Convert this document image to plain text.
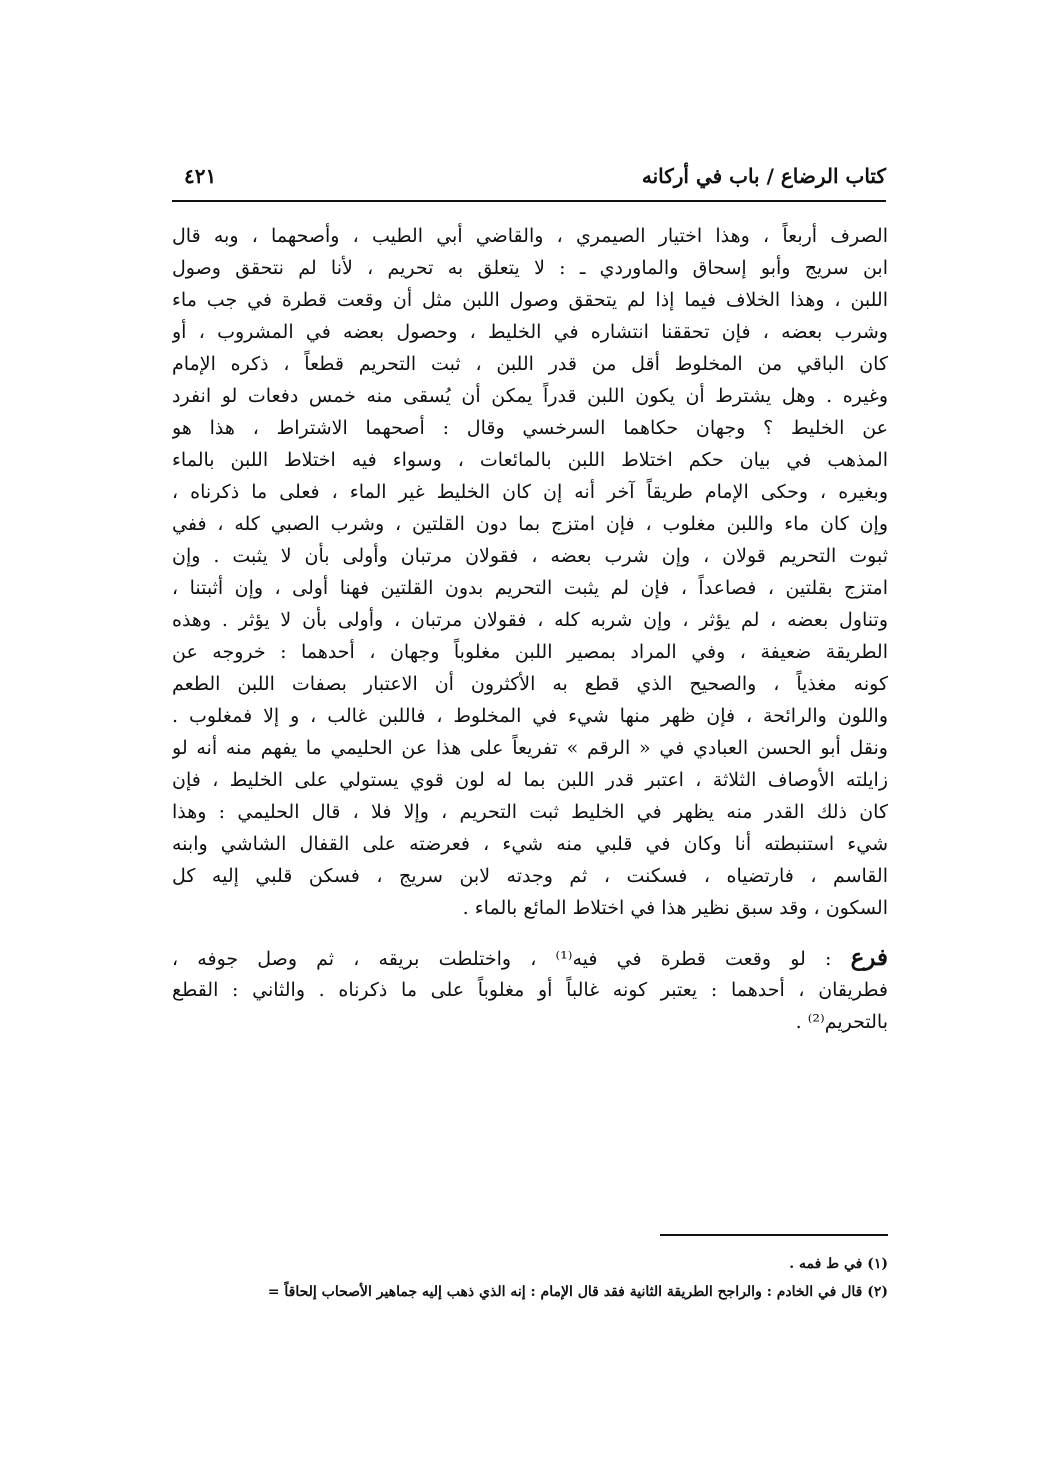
كتاب الرضاع / باب في أركانه
٤٢١
الصرف أربعاً ، وهذا اختيار الصيمري ، والقاضي أبي الطيب ، وأصحهما ، وبه قال
ابن سريج وأبو إسحاق والماوردي ـ : لا يتعلق به تحريم ، لأنا لم نتحقق وصول
اللبن ، وهذا الخلاف فيما إذا لم يتحقق وصول اللبن مثل أن وقعت قطرة في جب ماء
وشرب بعضه ، فإن تحققنا انتشاره في الخليط ، وحصول بعضه في المشروب ، أو
كان الباقي من المخلوط أقل من قدر اللبن ، ثبت التحريم قطعاً ، ذكره الإمام
وغيره . وهل يشترط أن يكون اللبن قدراً يمكن أن يُسقى منه خمس دفعات لو انفرد
عن الخليط ؟ وجهان حكاهما السرخسي وقال : أصحهما الاشتراط ، هذا هو
المذهب في بيان حكم اختلاط اللبن بالمائعات ، وسواء فيه اختلاط اللبن بالماء
وبغيره ، وحكى الإمام طريقاً آخر أنه إن كان الخليط غير الماء ، فعلى ما ذكرناه ،
وإن كان ماء واللبن مغلوب ، فإن امتزج بما دون القلتين ، وشرب الصبي كله ، ففي
ثبوت التحريم قولان ، وإن شرب بعضه ، فقولان مرتبان وأولى بأن لا يثبت . وإن
امتزج بقلتين ، فصاعداً ، فإن لم يثبت التحريم بدون القلتين فهنا أولى ، وإن أثبتنا ،
وتناول بعضه ، لم يؤثر ، وإن شربه كله ، فقولان مرتبان ، وأولى بأن لا يؤثر . وهذه
الطريقة ضعيفة ، وفي المراد بمصير اللبن مغلوباً وجهان ، أحدهما : خروجه عن
كونه مغذياً ، والصحيح الذي قطع به الأكثرون أن الاعتبار بصفات اللبن الطعم
واللون والرائحة ، فإن ظهر منها شيء في المخلوط ، فاللبن غالب ، و إلا فمغلوب .
ونقل أبو الحسن العبادي في « الرقم » تفريعاً على هذا عن الحليمي ما يفهم منه أنه لو
زايلته الأوصاف الثلاثة ، اعتبر قدر اللبن بما له لون قوي يستولي على الخليط ، فإن
كان ذلك القدر منه يظهر في الخليط ثبت التحريم ، وإلا فلا ، قال الحليمي : وهذا
شيء استنبطته أنا وكان في قلبي منه شيء ، فعرضته على القفال الشاشي وابنه
القاسم ، فارتضياه ، فسكنت ، ثم وجدته لابن سريج ، فسكن قلبي إليه كل
السكون ، وقد سبق نظير هذا في اختلاط المائع بالماء .
فرع : لو وقعت قطرة في فيه⁽¹⁾ ، واختلطت بريقه ، ثم وصل جوفه ،
فطريقان ، أحدهما : يعتبر كونه غالباً أو مغلوباً على ما ذكرناه . والثاني : القطع
بالتحريم⁽²⁾ .
(١) في ط فمه .
(٢) قال في الخادم : والراجح الطريقة الثانية فقد قال الإمام : إنه الذي ذهب إليه جماهير الأصحاب إلحاقاً =
